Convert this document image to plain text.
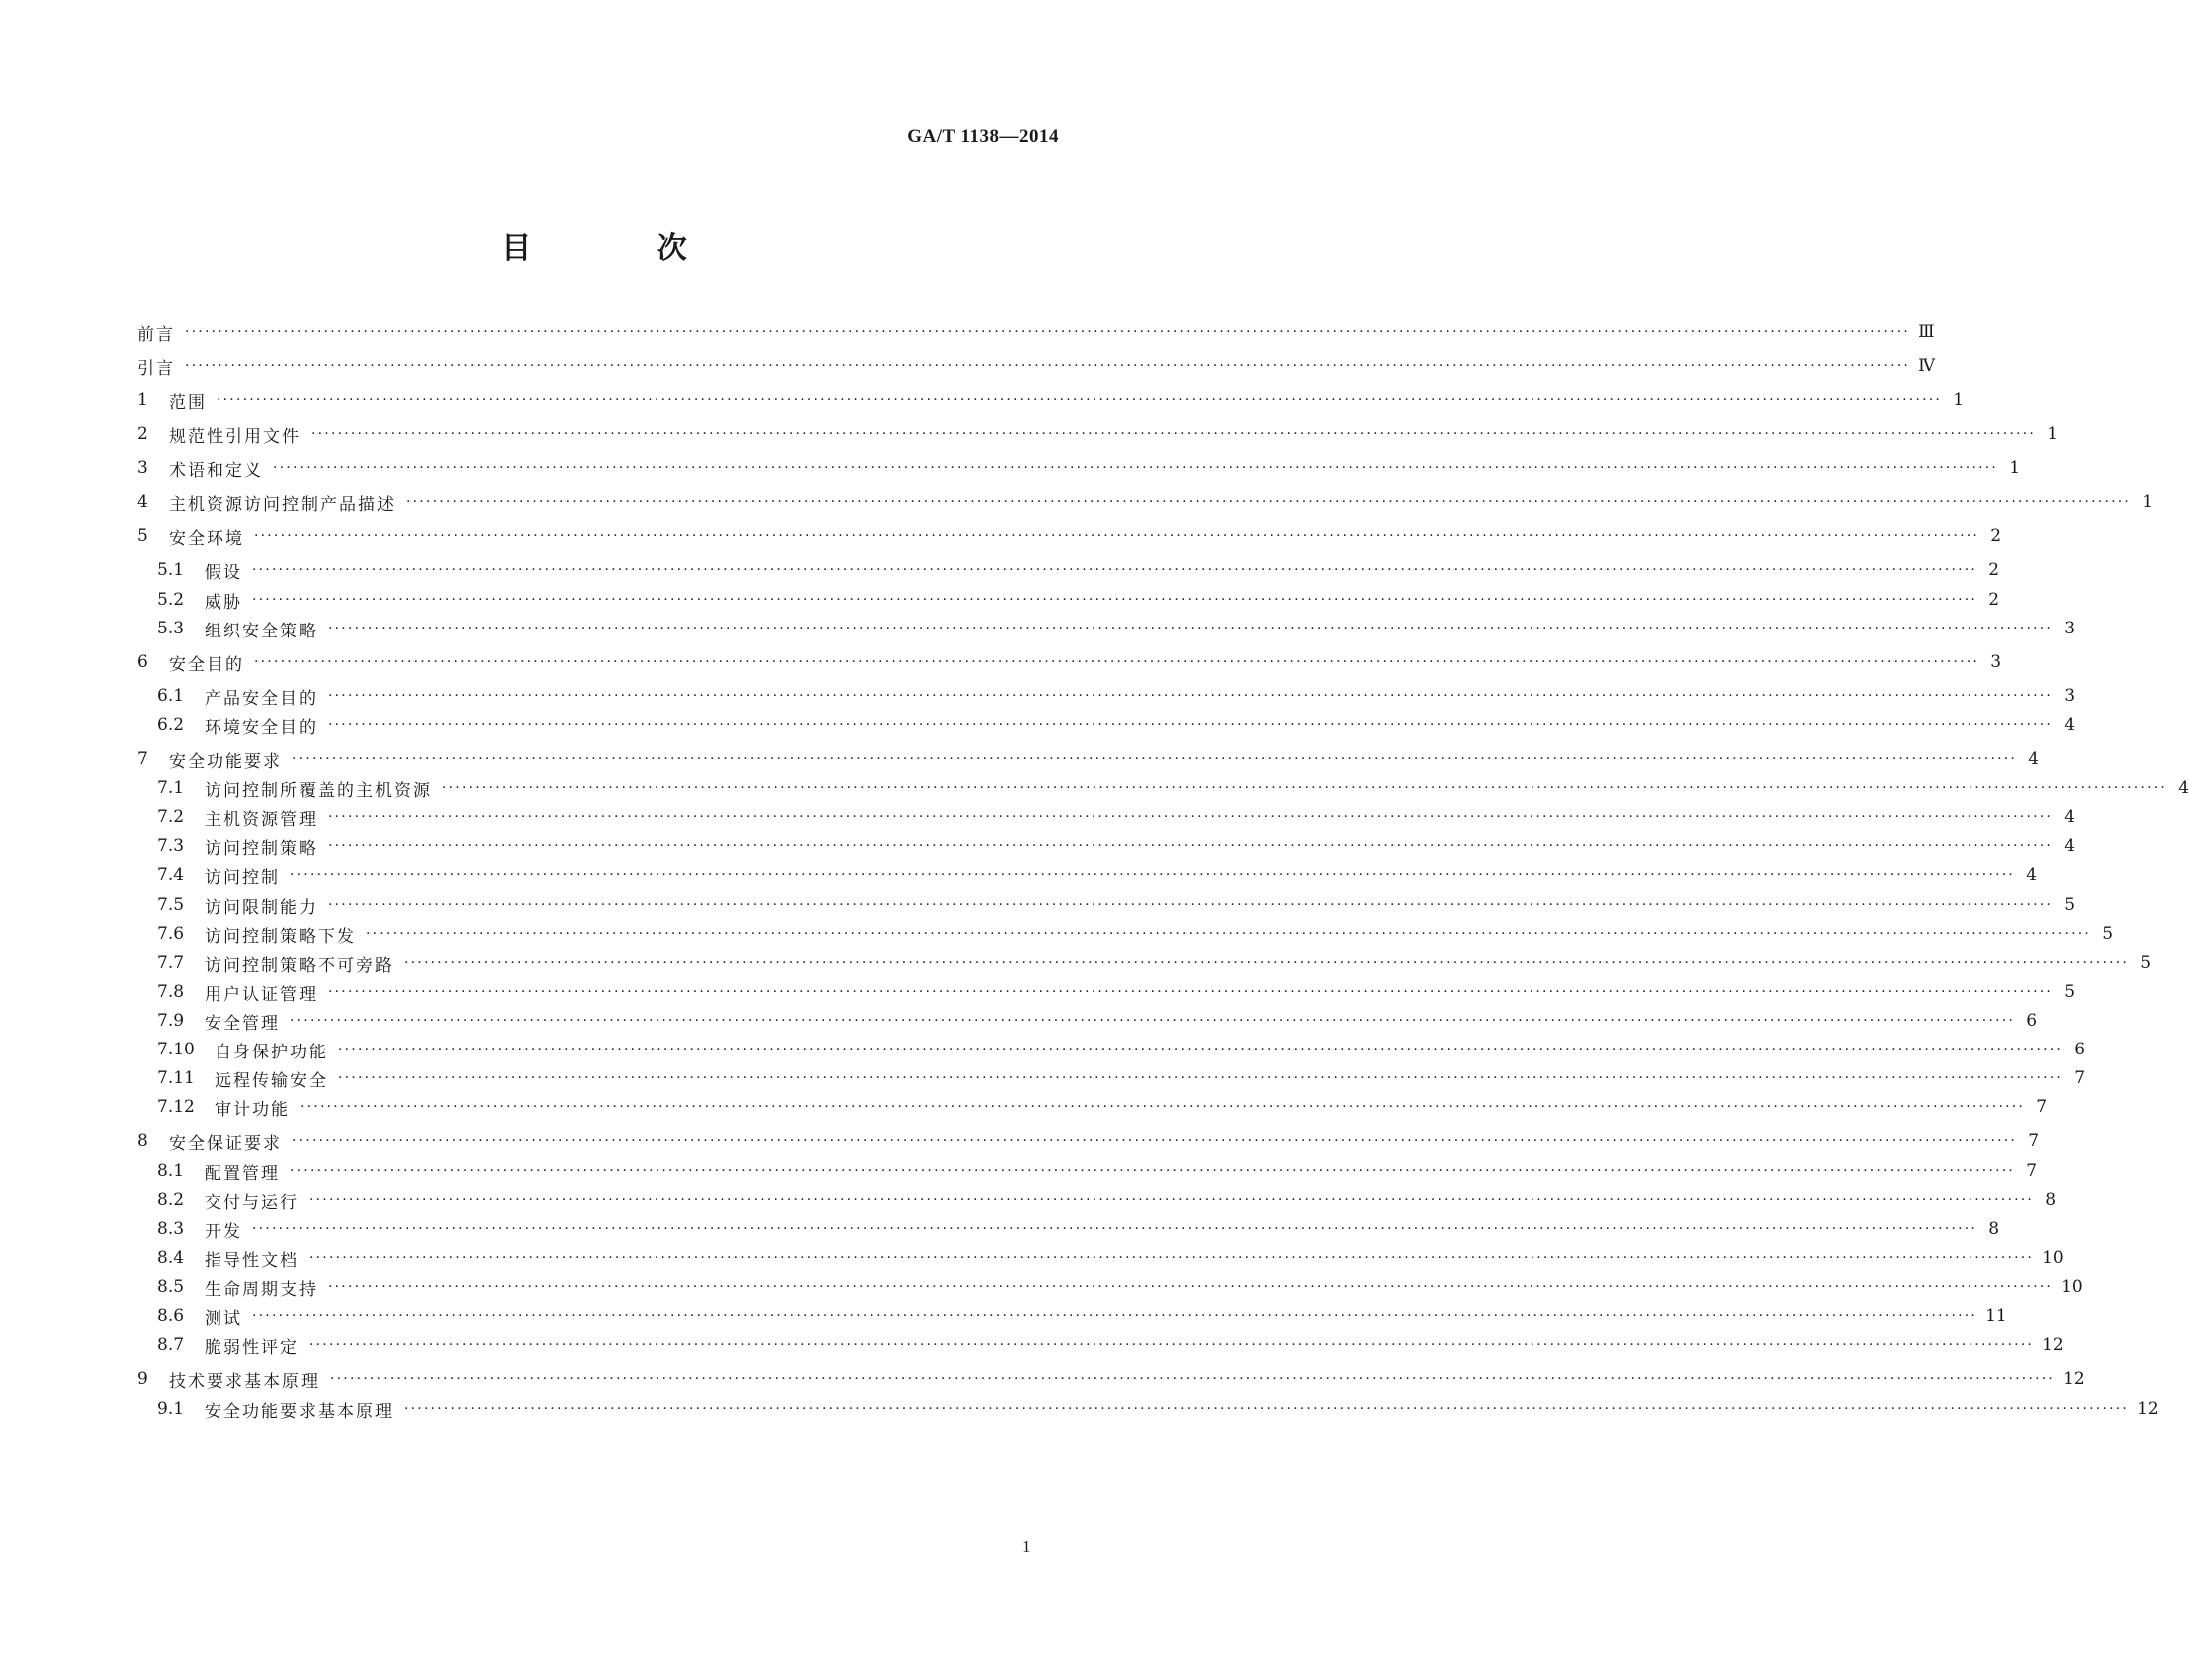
GA/T 1138—2014
目 次
前言 ···································································································································································································································································· Ⅲ
引言 ···································································································································································································································································· Ⅳ
1	范围 ···································································································································································································································································· 1
2	规范性引用文件 ···································································································································································································································································· 1
3	术语和定义 ···································································································································································································································································· 1
4	主机资源访问控制产品描述 ···································································································································································································································································· 1
5	安全环境 ···································································································································································································································································· 2
5.1	假设 ···································································································································································································································································· 2
5.2	威胁 ···································································································································································································································································· 2
5.3	组织安全策略 ···································································································································································································································································· 3
6	安全目的 ···································································································································································································································································· 3
6.1	产品安全目的 ···································································································································································································································································· 3
6.2	环境安全目的 ···································································································································································································································································· 4
7	安全功能要求 ···································································································································································································································································· 4
7.1	访问控制所覆盖的主机资源 ···································································································································································································································································· 4
7.2	主机资源管理 ···································································································································································································································································· 4
7.3	访问控制策略 ···································································································································································································································································· 4
7.4	访问控制 ···································································································································································································································································· 4
7.5	访问限制能力 ···································································································································································································································································· 5
7.6	访问控制策略下发 ···································································································································································································································································· 5
7.7	访问控制策略不可旁路 ···································································································································································································································································· 5
7.8	用户认证管理 ···································································································································································································································································· 5
7.9	安全管理 ···································································································································································································································································· 6
7.10	自身保护功能 ···································································································································································································································································· 6
7.11	远程传输安全 ···································································································································································································································································· 7
7.12	审计功能 ···································································································································································································································································· 7
8	安全保证要求 ···································································································································································································································································· 7
8.1	配置管理 ···································································································································································································································································· 7
8.2	交付与运行 ···································································································································································································································································· 8
8.3	开发 ···································································································································································································································································· 8
8.4	指导性文档 ···································································································································································································································································· 10
8.5	生命周期支持 ···································································································································································································································································· 10
8.6	测试 ···································································································································································································································································· 11
8.7	脆弱性评定 ···································································································································································································································································· 12
9	技术要求基本原理 ···································································································································································································································································· 12
9.1	安全功能要求基本原理 ···································································································································································································································································· 12
1
